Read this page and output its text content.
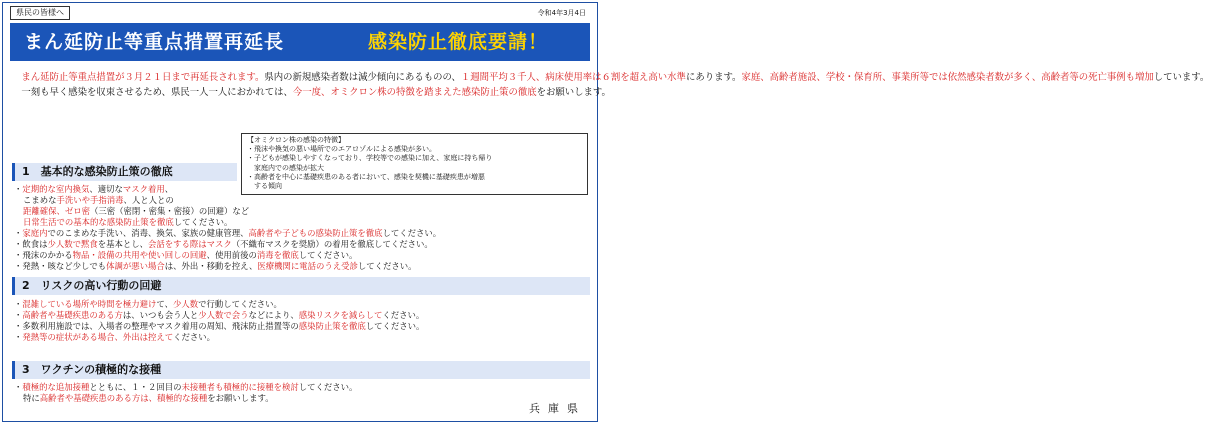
県民の皆様へ	令和4年3月4日
まん延防止等重点措置再延長	感染防止徹底要請！

まん延防止等重点措置が３月２１日まで再延長されます。県内の新規感染者数は減少傾向にあるものの、１週間平均３千人、病床使用率は６割を超え高い水準にあります。家庭、高齢者施設、学校・保育所、事業所等では依然感染者数が多く、高齢者等の死亡事例も増加しています。

一刻も早く感染を収束させるため、県民一人一人におかれては、今一度、オミクロン株の特徴を踏まえた感染防止策の徹底をお願いします。

【オミクロン株の感染の特徴】
・飛沫や換気の悪い場所でのエアロゾルによる感染が多い。
・子どもが感染しやすくなっており、学校等での感染に加え、家庭に持ち帰り
　家庭内での感染が拡大
・高齢者を中心に基礎疾患のある者において、感染を契機に基礎疾患が増悪
　する傾向
1　基本的な感染防止策の徹底
・定期的な室内換気、適切なマスク着用、
こまめな手洗いや手指消毒、人と人との
距離確保、ゼロ密（三密（密閉・密集・密接）の回避）など
日常生活での基本的な感染防止策を徹底してください。
・家庭内でのこまめな手洗い、消毒、換気、家族の健康管理、高齢者や子どもの感染防止策を徹底してください。
・飲食は少人数で黙食を基本とし、会話をする際はマスク（不織布マスクを奨励）の着用を徹底してください。
・飛沫のかかる物品・設備の共用や使い回しの回避、使用前後の消毒を徹底してください。
・発熱・咳など少しでも体調が悪い場合は、外出・移動を控え、医療機関に電話のうえ受診してください。
2　リスクの高い行動の回避
・混雑している場所や時間を極力避けて、少人数で行動してください。
・高齢者や基礎疾患のある方は、いつも会う人と少人数で会うなどにより、感染リスクを減らしてください。
・多数利用施設では、入場者の整理やマスク着用の周知、飛沫防止措置等の感染防止策を徹底してください。
・発熱等の症状がある場合、外出は控えてください。
3　ワクチンの積極的な接種
・積極的な追加接種とともに、１・２回目の未接種者も積極的に接種を検討してください。
特に高齢者や基礎疾患のある方は、積極的な接種をお願いします。
兵庫県
